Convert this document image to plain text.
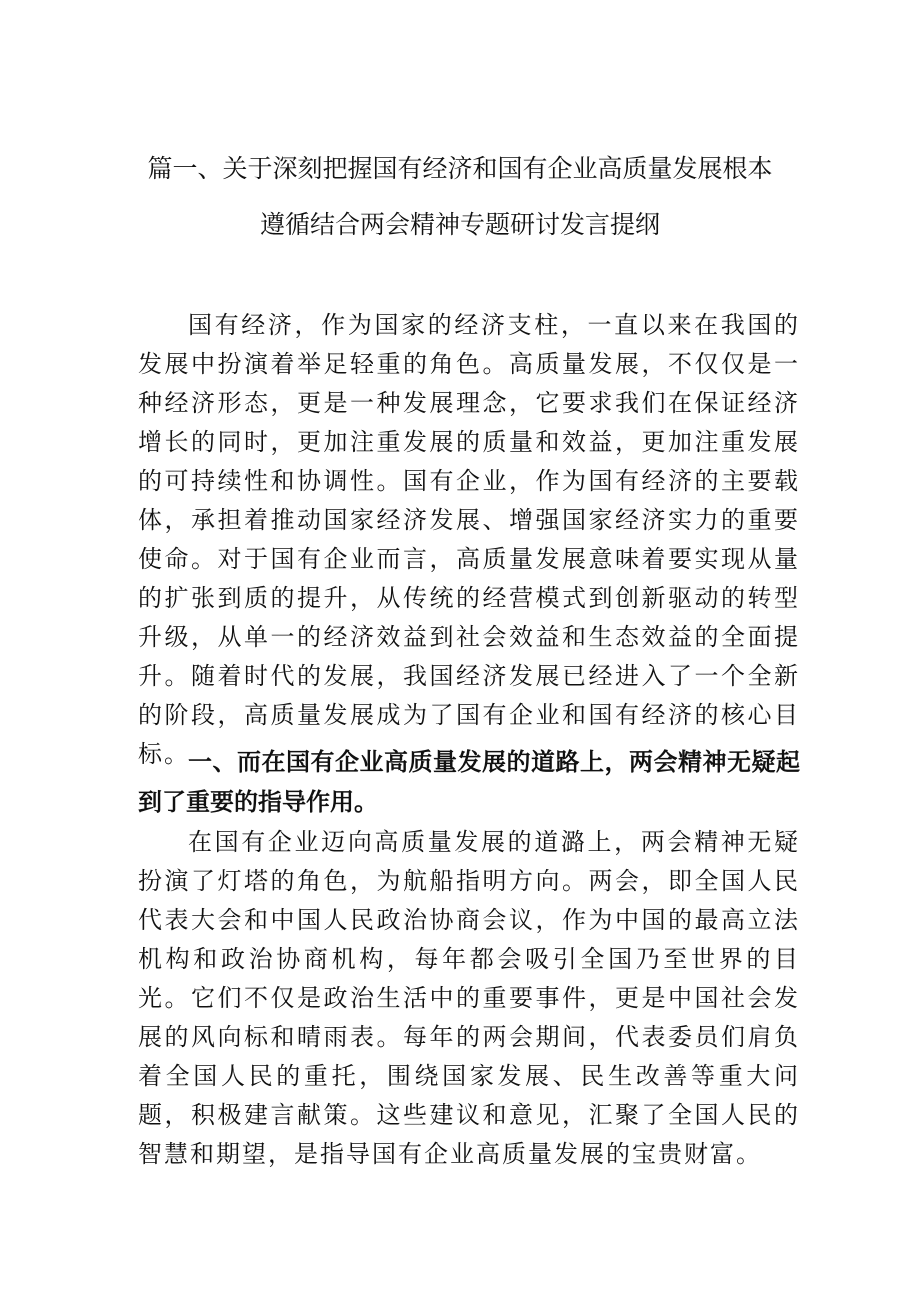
篇一、关于深刻把握国有经济和国有企业高质量发展根本
遵循结合两会精神专题研讨发言提纲

国有经济，作为国家的经济支柱，一直以来在我国的发展中扮演着举足轻重的角色。高质量发展，不仅仅是一种经济形态，更是一种发展理念，它要求我们在保证经济增长的同时，更加注重发展的质量和效益，更加注重发展的可持续性和协调性。国有企业，作为国有经济的主要载体，承担着推动国家经济发展、增强国家经济实力的重要使命。对于国有企业而言，高质量发展意味着要实现从量的扩张到质的提升，从传统的经营模式到创新驱动的转型升级，从单一的经济效益到社会效益和生态效益的全面提升。随着时代的发展，我国经济发展已经进入了一个全新的阶段，高质量发展成为了国有企业和国有经济的核心目标。

一、而在国有企业高质量发展的道路上，两会精神无疑起到了重要的指导作用。

在国有企业迈向高质量发展的道潞上，两会精神无疑扮演了灯塔的角色，为航船指明方向。两会，即全国人民代表大会和中国人民政治协商会议，作为中国的最高立法机构和政治协商机构，每年都会吸引全国乃至世界的目光。它们不仅是政治生活中的重要事件，更是中国社会发展的风向标和晴雨表。每年的两会期间，代表委员们肩负着全国人民的重托，围绕国家发展、民生改善等重大问题，积极建言献策。这些建议和意见，汇聚了全国人民的智慧和期望，是指导国有企业高质量发展的宝贵财富。
